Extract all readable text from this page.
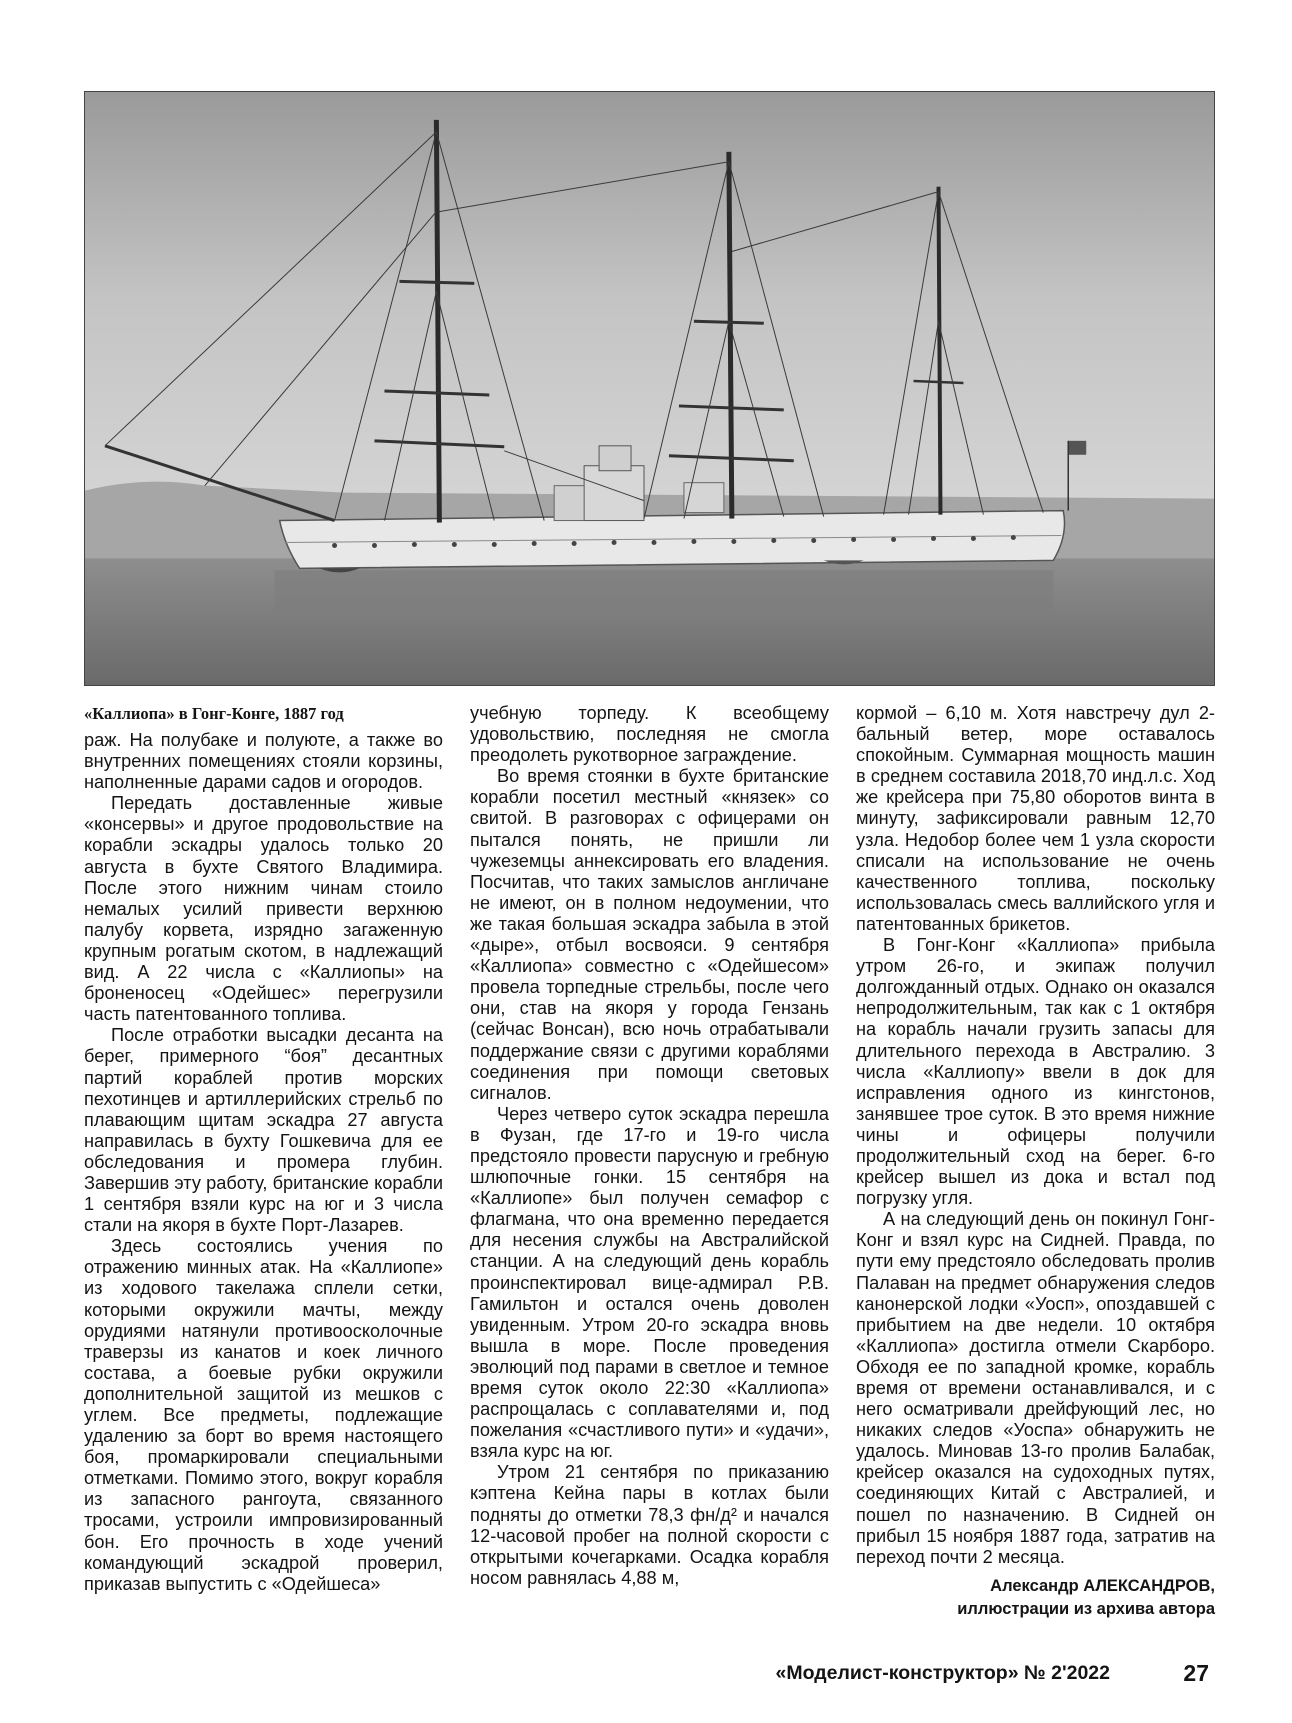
«Каллиопа» в Гонг-Конге, 1887 год

раж. На полубаке и полуюте, а также во внутренних помещениях стояли корзины, наполненные дарами садов и огородов.

Передать доставленные живые «консервы» и другое продовольствие на корабли эскадры удалось только 20 августа в бухте Святого Владимира. После этого нижним чинам стоило немалых усилий привести верхнюю палубу корвета, изрядно загаженную крупным рогатым скотом, в надлежащий вид. А 22 числа с «Каллиопы» на броненосец «Одейшес» перегрузили часть патентованного топлива.

После отработки высадки десанта на берег, примерного “боя” десантных партий кораблей против морских пехотинцев и артиллерийских стрельб по плавающим щитам эскадра 27 августа направилась в бухту Гошкевича для ее обследования и промера глубин. Завершив эту работу, британские корабли 1 сентября взяли курс на юг и 3 числа стали на якоря в бухте Порт-Лазарев.

Здесь состоялись учения по отражению минных атак. На «Каллиопе» из ходового такелажа сплели сетки, которыми окружили мачты, между орудиями натянули противоосколочные траверзы из канатов и коек личного состава, а боевые рубки окружили дополнительной защитой из мешков с углем. Все предметы, подлежащие удалению за борт во время настоящего боя, промаркировали специальными отметками. Помимо этого, вокруг корабля из запасного рангоута, связанного тросами, устроили импровизированный бон. Его прочность в ходе учений командующий эскадрой проверил, приказав выпустить с «Одейшеса»

учебную торпеду. К всеобщему удовольствию, последняя не смогла преодолеть рукотворное заграждение.

Во время стоянки в бухте британские корабли посетил местный «князек» со свитой. В разговорах с офицерами он пытался понять, не пришли ли чужеземцы аннексировать его владения. Посчитав, что таких замыслов англичане не имеют, он в полном недоумении, что же такая большая эскадра забыла в этой «дыре», отбыл восвояси. 9 сентября «Каллиопа» совместно с «Одейшесом» провела торпедные стрельбы, после чего они, став на якоря у города Гензань (сейчас Вонсан), всю ночь отрабатывали поддержание связи с другими кораблями соединения при помощи световых сигналов.

Через четверо суток эскадра перешла в Фузан, где 17-го и 19-го числа предстояло провести парусную и гребную шлюпочные гонки. 15 сентября на «Каллиопе» был получен семафор с флагмана, что она временно передается для несения службы на Австралийской станции. А на следующий день корабль проинспектировал вице-адмирал Р.В. Гамильтон и остался очень доволен увиденным. Утром 20-го эскадра вновь вышла в море. После проведения эволюций под парами в светлое и темное время суток около 22:30 «Каллиопа» распрощалась с соплавателями и, под пожелания «счастливого пути» и «удачи», взяла курс на юг.

Утром 21 сентября по приказанию кэптена Кейна пары в котлах были подняты до отметки 78,3 фн/д² и начался 12-часовой пробег на полной скорости с открытыми кочегарками. Осадка корабля носом равнялась 4,88 м,

кормой – 6,10 м. Хотя навстречу дул 2-бальный ветер, море оставалось спокойным. Суммарная мощность машин в среднем составила 2018,70 инд.л.с. Ход же крейсера при 75,80 оборотов винта в минуту, зафиксировали равным 12,70 узла. Недобор более чем 1 узла скорости списали на использование не очень качественного топлива, поскольку использовалась смесь валлийского угля и патентованных брикетов.

В Гонг-Конг «Каллиопа» прибыла утром 26-го, и экипаж получил долгожданный отдых. Однако он оказался непродолжительным, так как с 1 октября на корабль начали грузить запасы для длительного перехода в Австралию. 3 числа «Каллиопу» ввели в док для исправления одного из кингстонов, занявшее трое суток. В это время нижние чины и офицеры получили продолжительный сход на берег. 6-го крейсер вышел из дока и встал под погрузку угля.

А на следующий день он покинул Гонг-Конг и взял курс на Сидней. Правда, по пути ему предстояло обследовать пролив Палаван на предмет обнаружения следов канонерской лодки «Уосп», опоздавшей с прибытием на две недели. 10 октября «Каллиопа» достигла отмели Скарборо. Обходя ее по западной кромке, корабль время от времени останавливался, и с него осматривали дрейфующий лес, но никаких следов «Уоспа» обнаружить не удалось. Миновав 13-го пролив Балабак, крейсер оказался на судоходных путях, соединяющих Китай с Австралией, и пошел по назначению. В Сидней он прибыл 15 ноября 1887 года, затратив на переход почти 2 месяца.

Александр АЛЕКСАНДРОВ,
иллюстрации из архива автора
«Моделист-конструктор» № 2'2022	27
